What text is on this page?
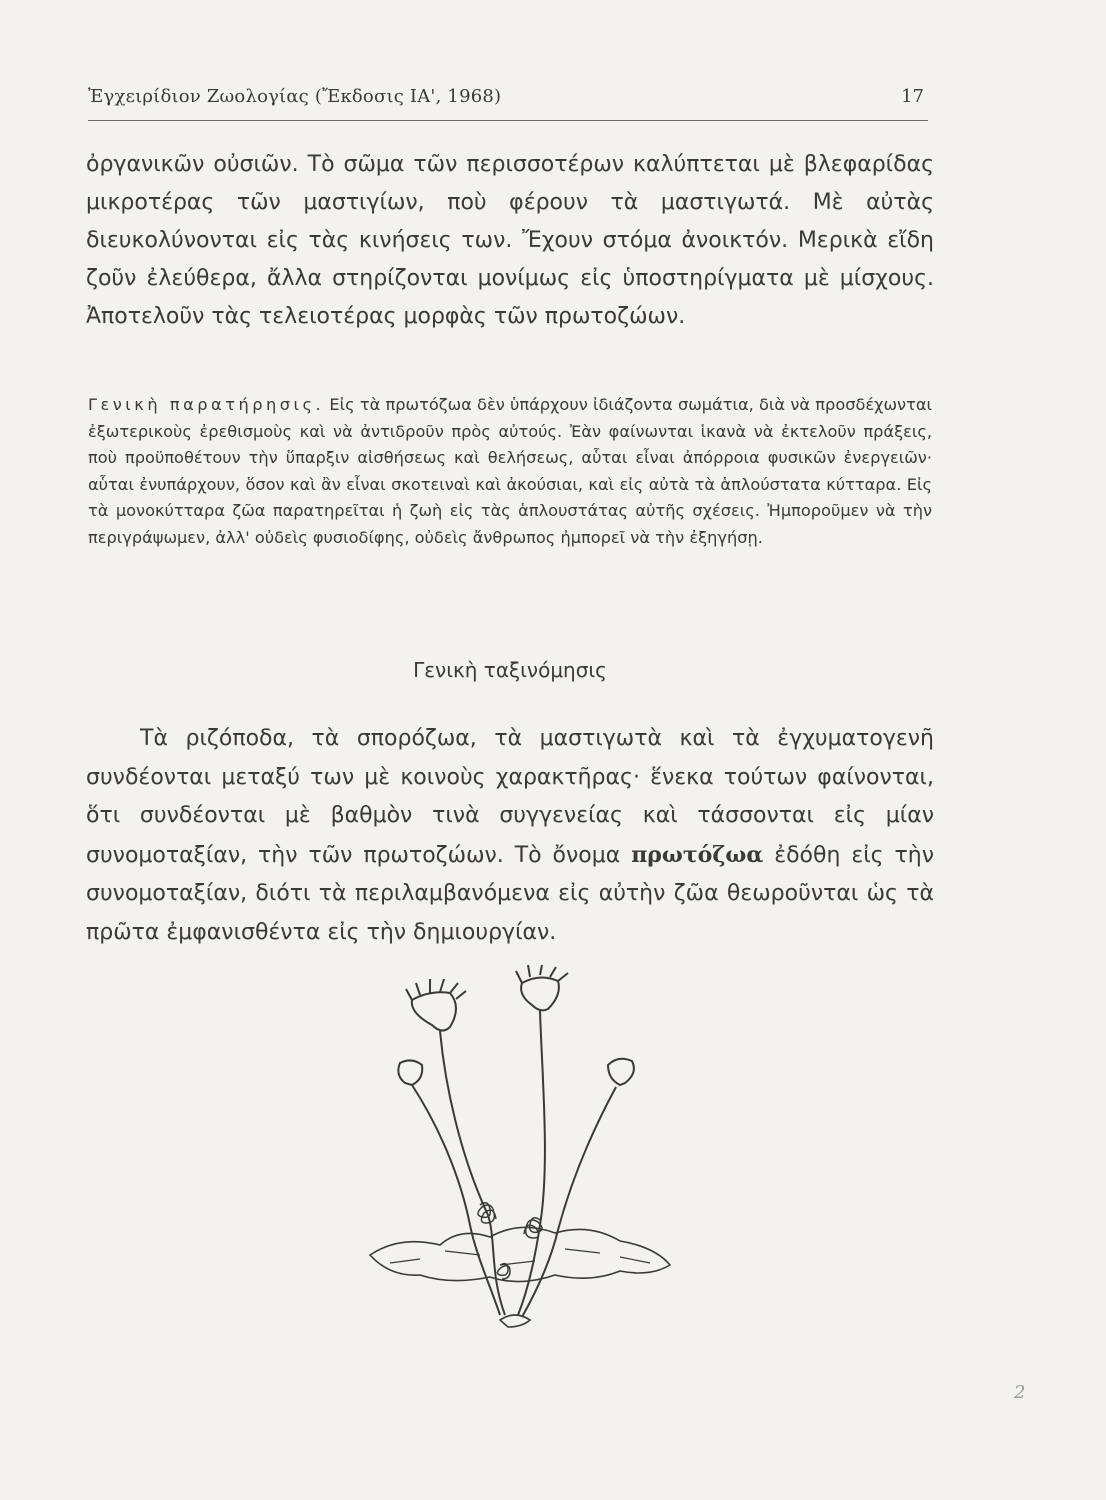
Ἐγχειρίδιον Ζωολογίας (Ἔκδοσις ΙΑ', 1968)	17

ὀργανικῶν οὐσιῶν. Τὸ σῶμα τῶν περισσοτέρων καλύπτεται μὲ βλεφαρίδας μικροτέρας τῶν μαστιγίων, ποὺ φέρουν τὰ μαστιγωτά. Μὲ αὐτὰς διευκολύνονται εἰς τὰς κινήσεις των. Ἔχουν στόμα ἀνοικτόν. Μερικὰ εἴδη ζοῦν ἐλεύθερα, ἄλλα στηρίζονται μονίμως εἰς ὑποστηρίγματα μὲ μίσχους. Ἀποτελοῦν τὰς τελειοτέρας μορφὰς τῶν πρωτοζώων.

Γενικὴ παρατήρησις. Εἰς τὰ πρωτόζωα δὲν ὑπάρχουν ἰδιάζοντα σωμάτια, διὰ νὰ προσδέχωνται ἐξωτερικοὺς ἐρεθισμοὺς καὶ νὰ ἀντιδροῦν πρὸς αὐτούς. Ἐὰν φαίνωνται ἱκανὰ νὰ ἐκτελοῦν πράξεις, ποὺ προϋποθέτουν τὴν ὕπαρξιν αἰσθήσεως καὶ θελήσεως, αὗται εἶναι ἀπόρροια φυσικῶν ἐνεργειῶν· αὗται ἐνυπάρχουν, ὅσον καὶ ἂν εἶναι σκοτειναὶ καὶ ἀκούσιαι, καὶ εἰς αὐτὰ τὰ ἁπλούστατα κύτταρα. Εἰς τὰ μονοκύτταρα ζῶα παρατηρεῖται ἡ ζωὴ εἰς τὰς ἁπλουστάτας αὐτῆς σχέσεις. Ἠμποροῦμεν νὰ τὴν περιγράψωμεν, ἀλλ' οὐδεὶς φυσιοδίφης, οὐδεὶς ἄνθρωπος ἠμπορεῖ νὰ τὴν ἐξηγήσῃ.

Γενικὴ ταξινόμησις

Τὰ ριζόποδα, τὰ σπορόζωα, τὰ μαστιγωτὰ καὶ τὰ ἐγχυματογενῆ συνδέονται μεταξύ των μὲ κοινοὺς χαρακτῆρας· ἕνεκα τούτων φαίνονται, ὅτι συνδέονται μὲ βαθμὸν τινὰ συγγενείας καὶ τάσσονται εἰς μίαν συνομοταξίαν, τὴν τῶν πρωτοζώων. Τὸ ὄνομα πρωτόζωα ἐδόθη εἰς τὴν συνομοταξίαν, διότι τὰ περιλαμβανόμενα εἰς αὐτὴν ζῶα θεωροῦνται ὡς τὰ πρῶτα ἐμφανισθέντα εἰς τὴν δημιουργίαν.

2
